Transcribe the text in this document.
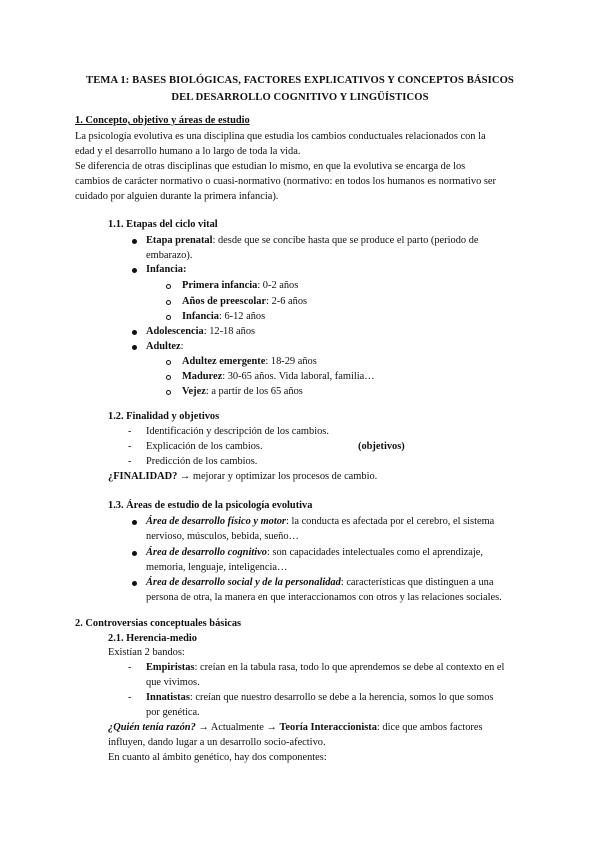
TEMA 1: BASES BIOLÓGICAS, FACTORES EXPLICATIVOS Y CONCEPTOS BÁSICOS
DEL DESARROLLO COGNITIVO Y LINGÜÍSTICOS
1. Concepto, objetivo y áreas de estudio
La psicología evolutiva es una disciplina que estudia los cambios conductuales relacionados con la
edad y el desarrollo humano a lo largo de toda la vida.
Se diferencia de otras disciplinas que estudian lo mismo, en que la evolutiva se encarga de los
cambios de carácter normativo o cuasi-normativo (normativo: en todos los humanos es normativo ser
cuidado por alguien durante la primera infancia).
1.1. Etapas del ciclo vital
Etapa prenatal: desde que se concibe hasta que se produce el parto (periodo de
embarazo).
Infancia:
Primera infancia: 0-2 años
Años de preescolar: 2-6 años
Infancia: 6-12 años
Adolescencia: 12-18 años
Adultez:
Adultez emergente: 18-29 años
Madurez: 30-65 años. Vida laboral, familia…
Vejez: a partir de los 65 años
1.2. Finalidad y objetivos
- Identificación y descripción de los cambios.
- Explicación de los cambios.	(objetivos)
- Predicción de los cambios.
¿FINALIDAD? → mejorar y optimizar los procesos de cambio.
1.3. Áreas de estudio de la psicología evolutiva
Área de desarrollo físico y motor: la conducta es afectada por el cerebro, el sistema
nervioso, músculos, bebida, sueño…
Área de desarrollo cognitivo: son capacidades intelectuales como el aprendizaje,
memoria, lenguaje, inteligencia…
Área de desarrollo social y de la personalidad: características que distinguen a una
persona de otra, la manera en que interaccionamos con otros y las relaciones sociales.
2. Controversias conceptuales básicas
2.1. Herencia-medio
Existían 2 bandos:
- Empiristas: creían en la tabula rasa, todo lo que aprendemos se debe al contexto en el
que vivimos.
- Innatistas: creían que nuestro desarrollo se debe a la herencia, somos lo que somos
por genética.
¿Quién tenía razón? → Actualmente → Teoría Interaccionista: dice que ambos factores
influyen, dando lugar a un desarrollo socio-afectivo.
En cuanto al ámbito genético, hay dos componentes:
